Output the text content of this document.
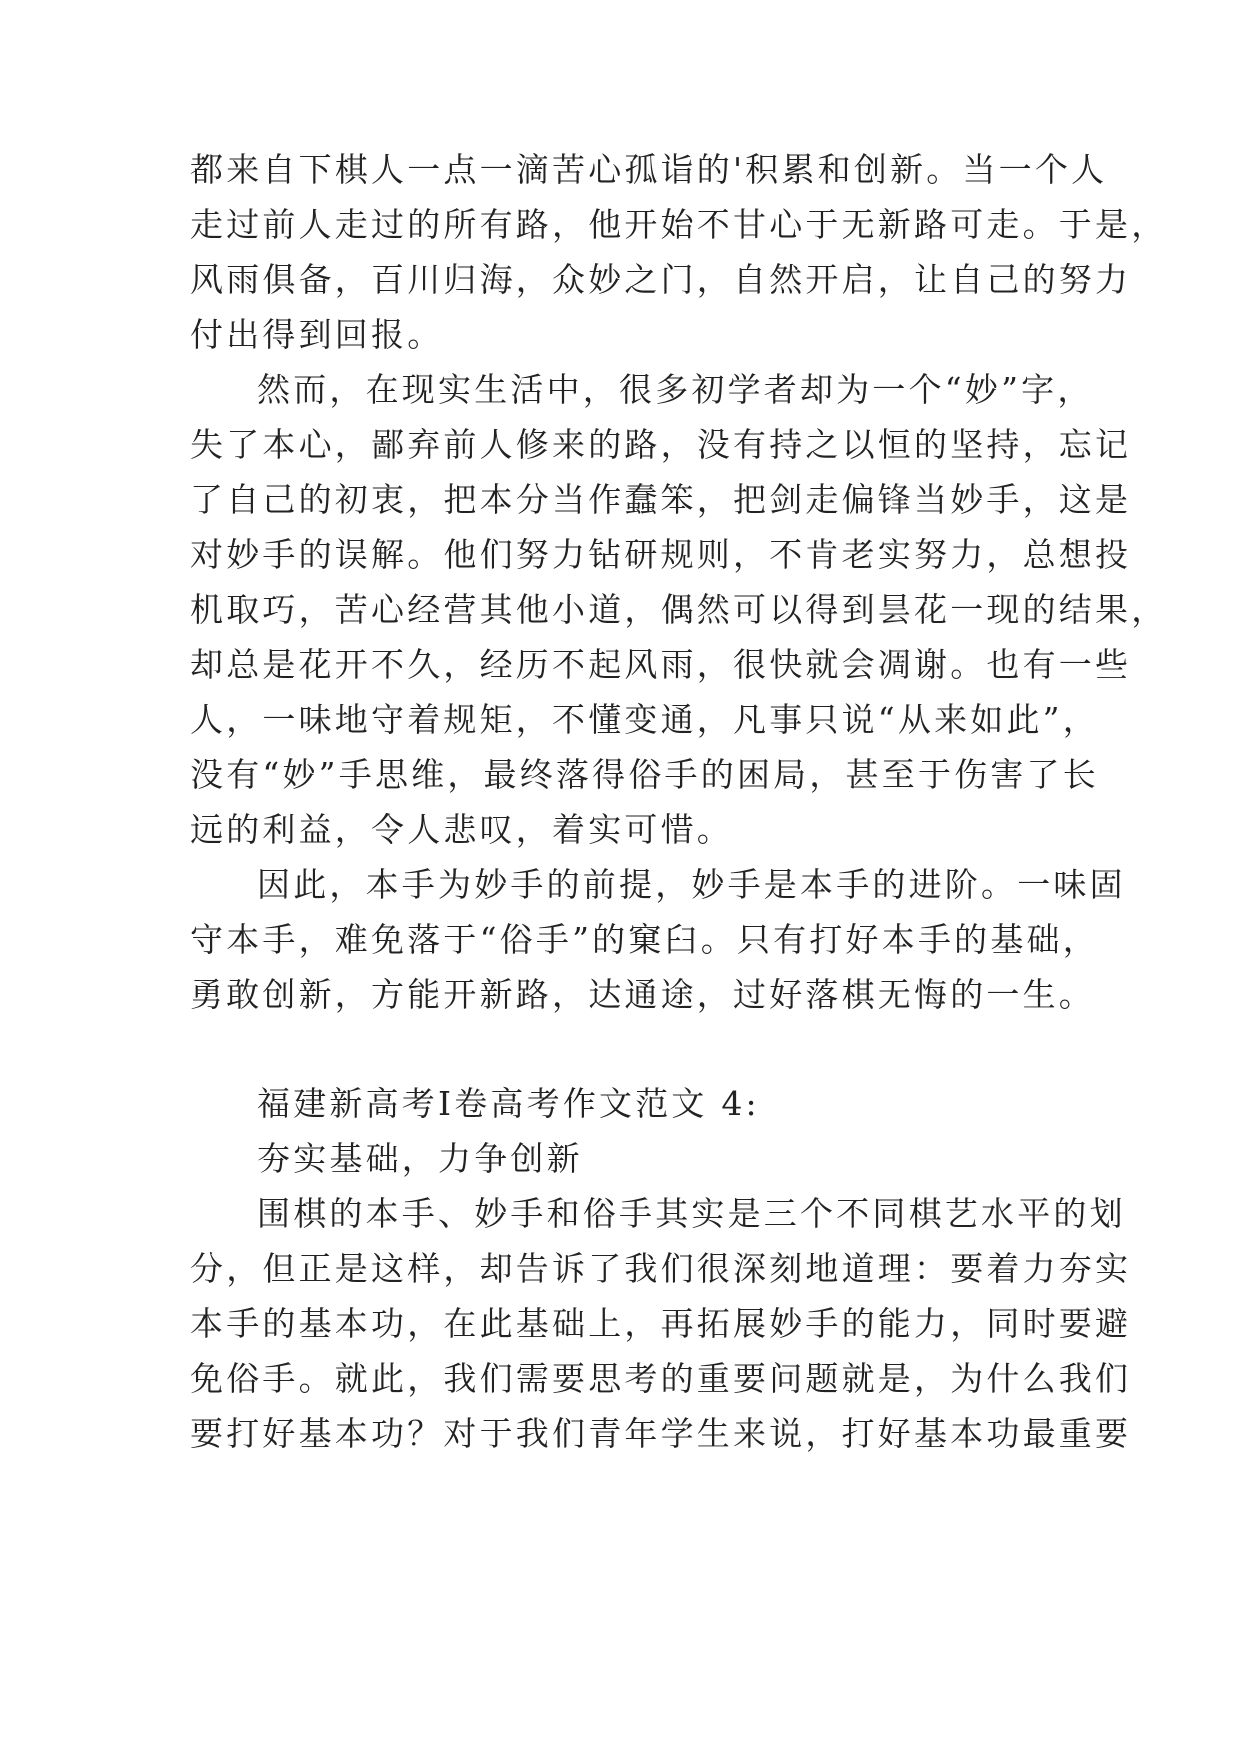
都来自下棋人一点一滴苦心孤诣的'积累和创新。当一个人
走过前人走过的所有路，他开始不甘心于无新路可走。于是，
风雨俱备，百川归海，众妙之门，自然开启，让自己的努力
付出得到回报。
然而，在现实生活中，很多初学者却为一个“妙”字，
失了本心，鄙弃前人修来的路，没有持之以恒的坚持，忘记
了自己的初衷，把本分当作蠢笨，把剑走偏锋当妙手，这是
对妙手的误解。他们努力钻研规则，不肯老实努力，总想投
机取巧，苦心经营其他小道，偶然可以得到昙花一现的结果，
却总是花开不久，经历不起风雨，很快就会凋谢。也有一些
人，一味地守着规矩，不懂变通，凡事只说“从来如此”，
没有“妙”手思维，最终落得俗手的困局，甚至于伤害了长
远的利益，令人悲叹，着实可惜。
因此，本手为妙手的前提，妙手是本手的进阶。一味固
守本手，难免落于“俗手”的窠臼。只有打好本手的基础，
勇敢创新，方能开新路，达通途，过好落棋无悔的一生。
福建新高考Ⅰ卷高考作文范文 4:
夯实基础，力争创新
围棋的本手、妙手和俗手其实是三个不同棋艺水平的划
分，但正是这样，却告诉了我们很深刻地道理：要着力夯实
本手的基本功，在此基础上，再拓展妙手的能力，同时要避
免俗手。就此，我们需要思考的重要问题就是，为什么我们
要打好基本功？对于我们青年学生来说，打好基本功最重要
